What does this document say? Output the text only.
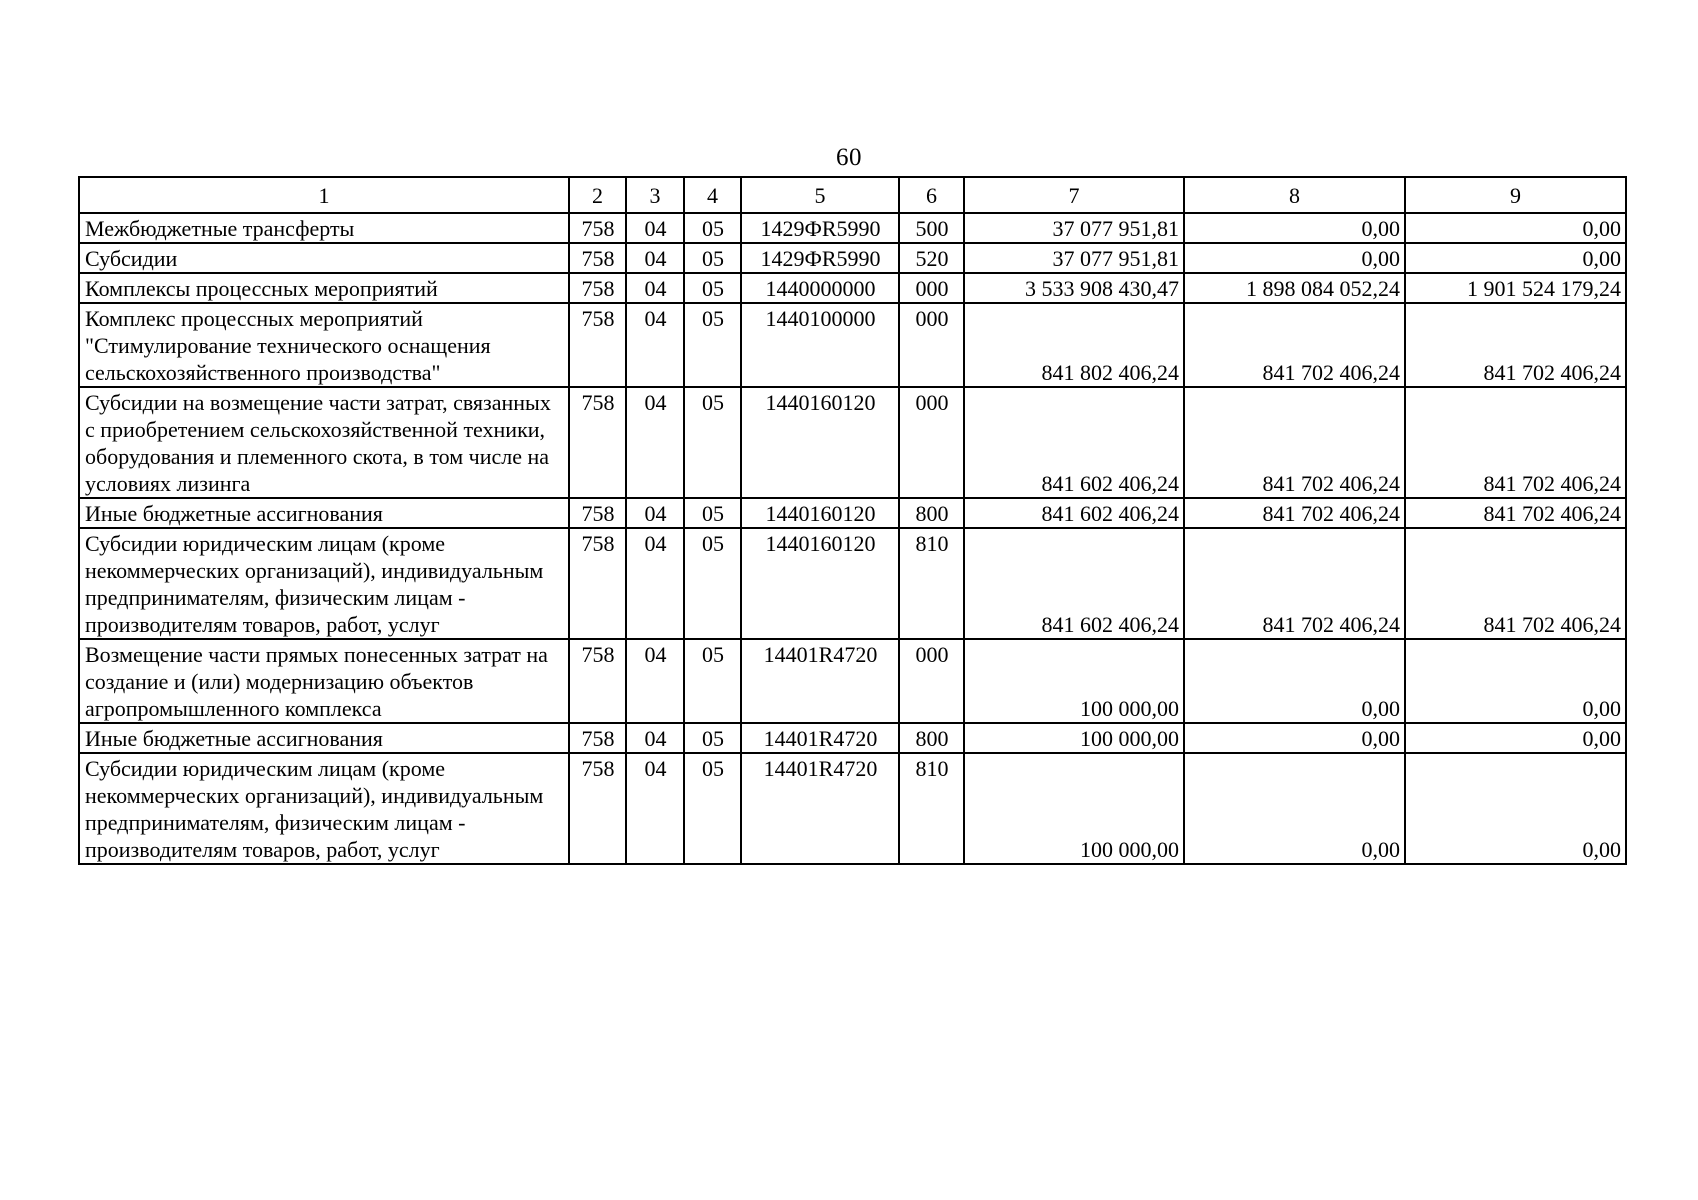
60
1	2	3	4	5	6	7	8	9
Межбюджетные трансферты	758	04	05	1429ФR5990	500	37 077 951,81	0,00	0,00
Субсидии	758	04	05	1429ФR5990	520	37 077 951,81	0,00	0,00
Комплексы процессных мероприятий	758	04	05	1440000000	000	3 533 908 430,47	1 898 084 052,24	1 901 524 179,24
Комплекс процессных мероприятий "Стимулирование технического оснащения сельскохозяйственного производства"	758	04	05	1440100000	000	841 802 406,24	841 702 406,24	841 702 406,24
Субсидии на возмещение части затрат, связанных с приобретением сельскохозяйственной техники, оборудования и племенного скота, в том числе на условиях лизинга	758	04	05	1440160120	000	841 602 406,24	841 702 406,24	841 702 406,24
Иные бюджетные ассигнования	758	04	05	1440160120	800	841 602 406,24	841 702 406,24	841 702 406,24
Субсидии юридическим лицам (кроме некоммерческих организаций), индивидуальным предпринимателям, физическим лицам - производителям товаров, работ, услуг	758	04	05	1440160120	810	841 602 406,24	841 702 406,24	841 702 406,24
Возмещение части прямых понесенных затрат на создание и (или) модернизацию объектов агропромышленного комплекса	758	04	05	14401R4720	000	100 000,00	0,00	0,00
Иные бюджетные ассигнования	758	04	05	14401R4720	800	100 000,00	0,00	0,00
Субсидии юридическим лицам (кроме некоммерческих организаций), индивидуальным предпринимателям, физическим лицам - производителям товаров, работ, услуг	758	04	05	14401R4720	810	100 000,00	0,00	0,00
